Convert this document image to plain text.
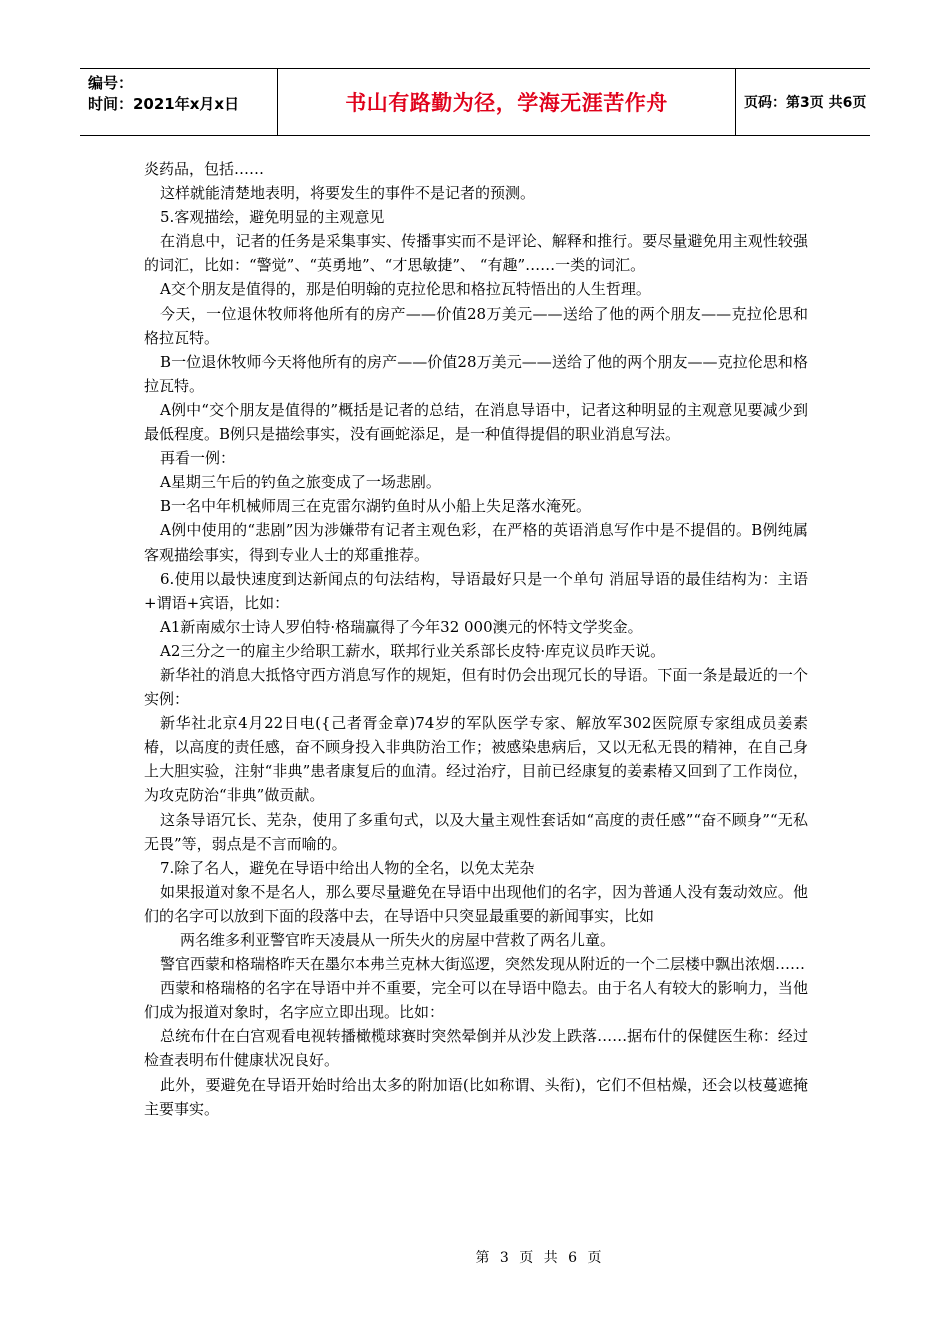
编号：
时间：2021年x月x日	书山有路勤为径，学海无涯苦作舟	页码：第3页 共6页

炎药品，包括……

这样就能清楚地表明，将要发生的事件不是记者的预测。

5.客观描绘，避免明显的主观意见

在消息中，记者的任务是采集事实、传播事实而不是评论、解释和推行。要尽量避免用主观性较强的词汇，比如：“警觉”、“英勇地”、“才思敏捷”、 “有趣”……一类的词汇。

A交个朋友是值得的，那是伯明翰的克拉伦思和格拉瓦特悟出的人生哲理。

今天，一位退休牧师将他所有的房产——价值28万美元——送给了他的两个朋友——克拉伦思和格拉瓦特。

B一位退休牧师今天将他所有的房产——价值28万美元——送给了他的两个朋友——克拉伦思和格拉瓦特。

A例中“交个朋友是值得的”概括是记者的总结，在消息导语中，记者这种明显的主观意见要减少到最低程度。B例只是描绘事实，没有画蛇添足，是一种值得提倡的职业消息写法。

再看一例：

A星期三午后的钓鱼之旅变成了一场悲剧。

B一名中年机械师周三在克雷尔湖钓鱼时从小船上失足落水淹死。

A例中使用的“悲剧”因为涉嫌带有记者主观色彩，在严格的英语消息写作中是不提倡的。B例纯属客观描绘事实，得到专业人士的郑重推荐。

6.使用以最快速度到达新闻点的句法结构，导语最好只是一个单句 消屈导语的最佳结构为：主语+谓语+宾语，比如：

A1新南威尔士诗人罗伯特·格瑞赢得了今年32 000澳元的怀特文学奖金。

A2三分之一的雇主少给职工薪水，联邦行业关系部长皮特·库克议员昨天说。

新华社的消息大抵恪守西方消息写作的规矩，但有时仍会出现冗长的导语。下面一条是最近的一个实例：

新华社北京4月22日电({己者胥金章)74岁的军队医学专家、解放军302医院原专家组成员姜素椿，以高度的责任感，奋不顾身投入非典防治工作；被感染患病后，又以无私无畏的精神，在自己身上大胆实验，注射“非典”患者康复后的血清。经过治疗，目前已经康复的姜素椿又回到了工作岗位，为攻克防治“非典”做贡献。

这条导语冗长、芜杂，使用了多重句式，以及大量主观性套话如“高度的责任感”“奋不顾身”“无私无畏”等，弱点是不言而喻的。

7.除了名人，避免在导语中给出人物的全名，以免太芜杂

如果报道对象不是名人，那么要尽量避免在导语中出现他们的名字，因为普通人没有轰动效应。他们的名字可以放到下面的段落中去，在导语中只突显最重要的新闻事实，比如

两名维多利亚警官昨天凌晨从一所失火的房屋中营救了两名儿童。

警官西蒙和格瑞格昨天在墨尔本弗兰克林大街巡逻，突然发现从附近的一个二层楼中飘出浓烟……

西蒙和格瑞格的名字在导语中并不重要，完全可以在导语中隐去。由于名人有较大的影响力，当他们成为报道对象时，名字应立即出现。比如：

总统布什在白宫观看电视转播橄榄球赛时突然晕倒并从沙发上跌落……据布什的保健医生称：经过检查表明布什健康状况良好。

此外，要避免在导语开始时给出太多的附加语(比如称谓、头衔)，它们不但枯燥，还会以枝蔓遮掩主要事实。

第 3 页 共 6 页
